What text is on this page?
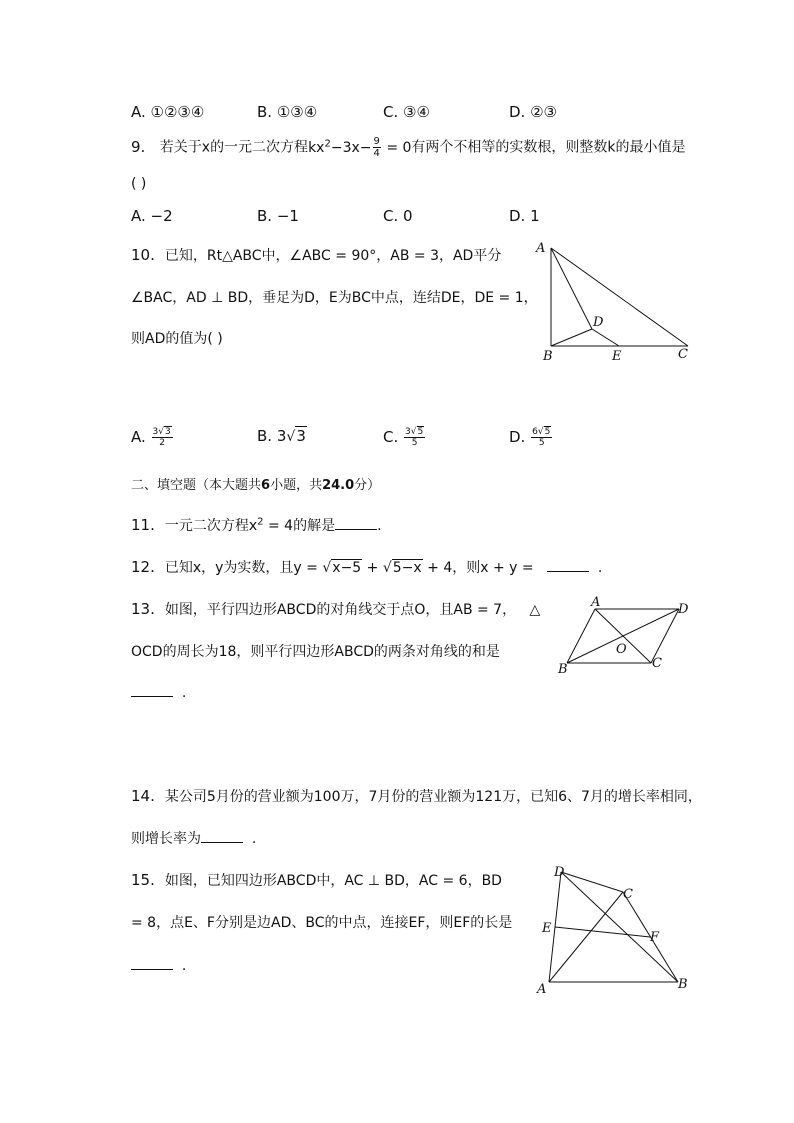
A. ①②③④	B. ①③④	C. ③④	D. ②③
9. 若关于x的一元二次方程$kx^2-3x- \frac{9}{4} = 0$有两个不相等的实数根，则整数k的最小值是
( )
A. −2	B. −1	C. 0	D. 1
10. 已知，Rt△ABC中，∠ABC = 90°，AB = 3，AD平分
∠BAC，AD ⊥ BD，垂足为D，E为BC中点，连结DE，DE = 1，
则AD的值为( )
A
B	C
D
E
A. $\frac{3√3}{2}$	B. 3√3	C. $\frac{3√5}{5}$	D. $\frac{6√5}{5}$
二、填空题（本大题共6小题，共24.0分）
11. 一元二次方程$x^2 = 4$的解是	.
12. 已知x，y为实数，且y = √x−5 + √5−x + 4，则x + y =	.
13. 如图，平行四边形ABCD的对角线交于点O，且AB = 7， △
OCD的周长为18，则平行四边形ABCD的两条对角线的和是
.
A	D
B	C
O
14. 某公司5月份的营业额为100万，7月份的营业额为121万，已知6、7月的增长率相同，
则增长率为	.
15. 如图，已知四边形ABCD中，AC ⊥ BD，AC = 6，BD
= 8，点E、F分别是边AD、BC的中点，连接EF，则EF的长是
.
D
C
E
F
A	B
